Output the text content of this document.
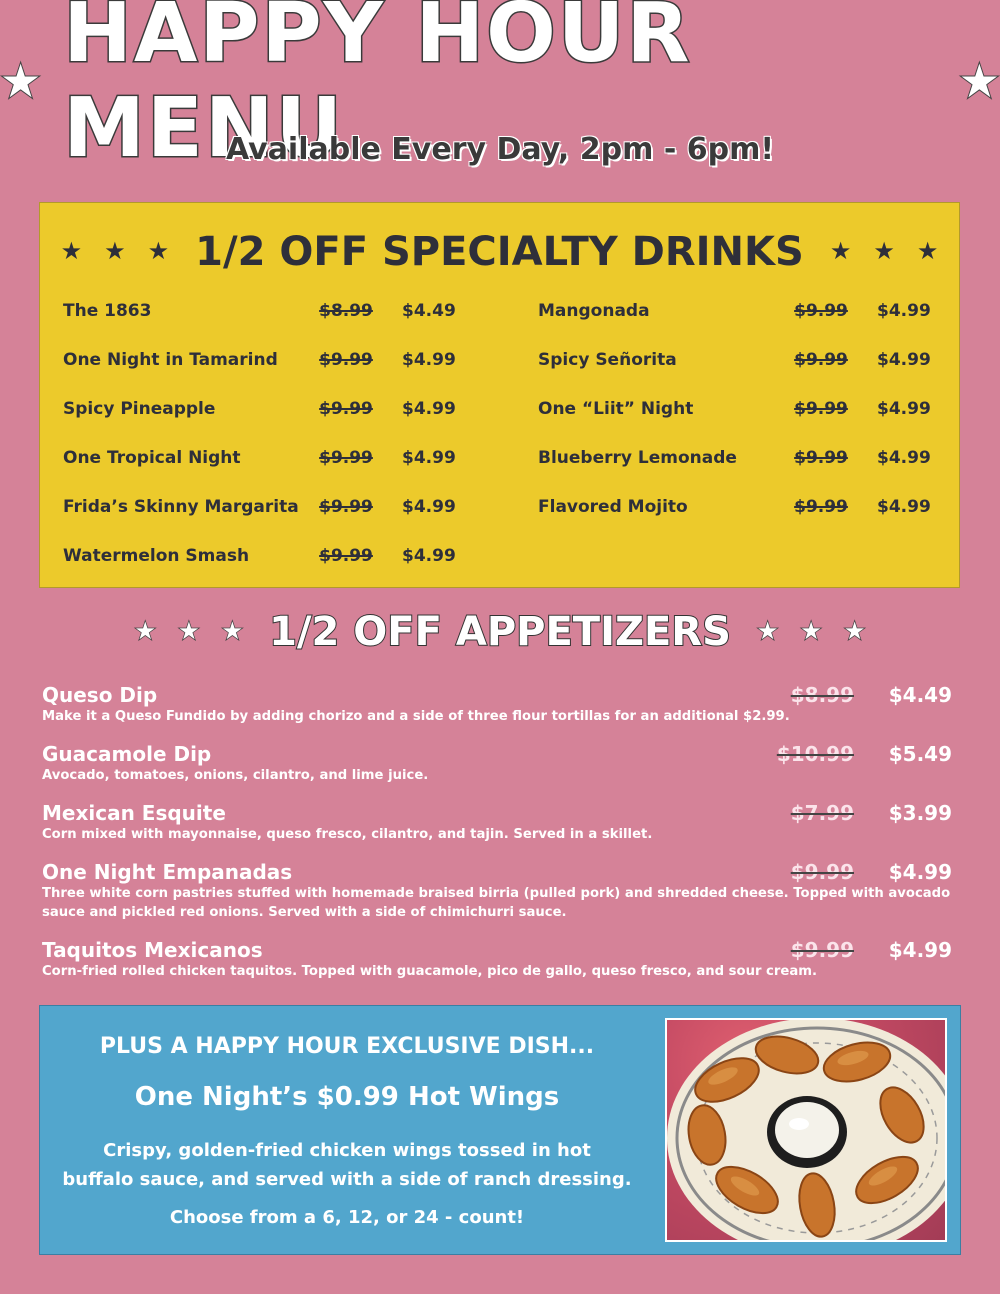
★ HAPPY HOUR MENU	★
Available Every Day, 2pm - 6pm!
★ ★ ★ 1/2 OFF SPECIALTY DRINKS ★ ★ ★
The 1863	$8.99	$4.49
One Night in Tamarind	$9.99	$4.99
Spicy Pineapple	$9.99	$4.99
One Tropical Night	$9.99	$4.99
Frida’s Skinny Margarita	$9.99	$4.99
Watermelon Smash	$9.99	$4.99
Mangonada	$9.99	$4.99
Spicy Señorita	$9.99	$4.99
One “Liit” Night	$9.99	$4.99
Blueberry Lemonade	$9.99	$4.99
Flavored Mojito	$9.99	$4.99
★ ★ ★ 1/2 OFF APPETIZERS ★ ★ ★
Queso Dip
Make it a Queso Fundido by adding chorizo and a side of three flour tortillas for an additional $2.99.
$8.99 $4.49
Guacamole Dip
Avocado, tomatoes, onions, cilantro, and lime juice.
$10.99 $5.49
Mexican Esquite
Corn mixed with mayonnaise, queso fresco, cilantro, and tajin. Served in a skillet.
$7.99 $3.99
One Night Empanadas
Three white corn pastries stuffed with homemade braised birria (pulled pork) and shredded cheese. Topped with avocado sauce and pickled red onions. Served with a side of chimichurri sauce.
$9.99 $4.99
Taquitos Mexicanos
Corn-fried rolled chicken taquitos. Topped with guacamole, pico de gallo, queso fresco, and sour cream.
$9.99 $4.99
PLUS A HAPPY HOUR EXCLUSIVE DISH...
One Night’s $0.99 Hot Wings
Crispy, golden-fried chicken wings tossed in hot
buffalo sauce, and served with a side of ranch dressing.
Choose from a 6, 12, or 24 - count!
